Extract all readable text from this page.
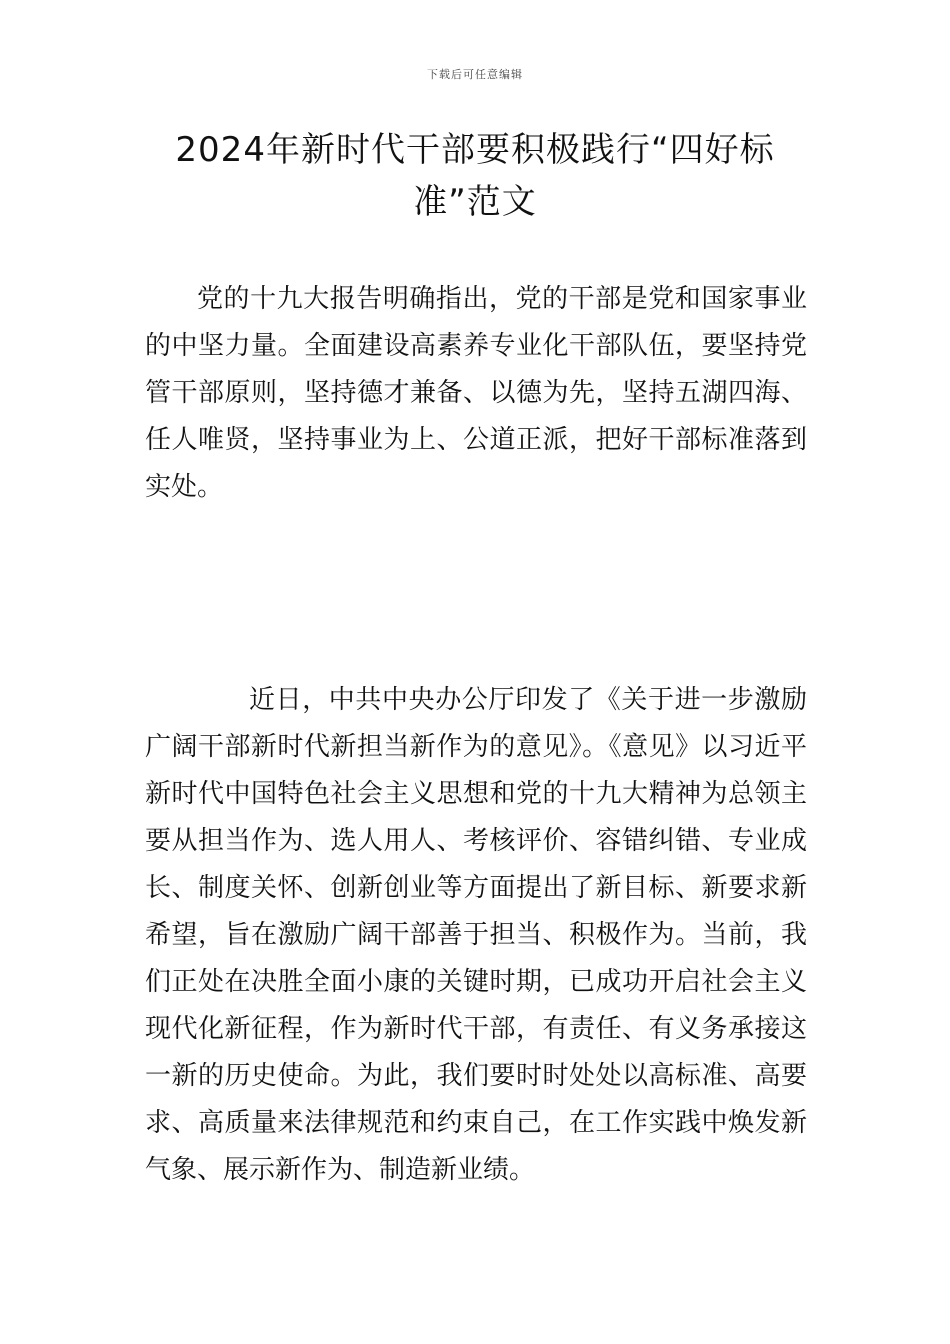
下载后可任意编辑
2024年新时代干部要积极践行“四好标准”范文

党的十九大报告明确指出，党的干部是党和国家事业的中坚力量。全面建设高素养专业化干部队伍，要坚持党管干部原则，坚持德才兼备、以德为先，坚持五湖四海、任人唯贤，坚持事业为上、公道正派，把好干部标准落到实处。

近日，中共中央办公厅印发了《关于进一步激励广阔干部新时代新担当新作为的意见》。《意见》以习近平新时代中国特色社会主义思想和党的十九大精神为总领主要从担当作为、选人用人、考核评价、容错纠错、专业成长、制度关怀、创新创业等方面提出了新目标、新要求新希望，旨在激励广阔干部善于担当、积极作为。当前，我们正处在决胜全面小康的关键时期，已成功开启社会主义现代化新征程，作为新时代干部，有责任、有义务承接这一新的历史使命。为此，我们要时时处处以高标准、高要求、高质量来法律规范和约束自己，在工作实践中焕发新气象、展示新作为、制造新业绩。
